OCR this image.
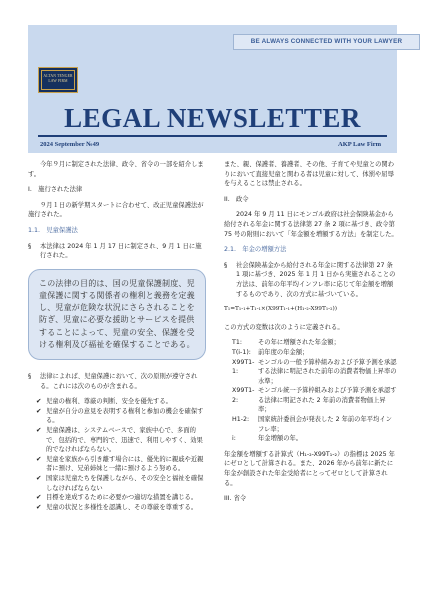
BE ALWAYS CONNECTED WITH YOUR LAWYER
ALTAN TENGER
LAW FIRM
LEGAL NEWSLETTER
2024 September №49	AKP Law Firm

今年９月に制定された法律、政令、省令の一部を紹介します。

I.　施行された法律

９月１日の新学期スタートに合わせて、改正児童保護法が施行された。

1.1.　児童保護法

§	本法律は 2024 年 1 月 17 日に制定され、9 月 1 日に施行された。
この法律の目的は、国の児童保護制度、児童保護に関する関係者の権利と義務を定義し、児童が危険な状況にさらされることを防ぎ、児童に必要な援助とサービスを提供することによって、児童の安全、保護を受ける権利及び福祉を確保することである。
§	法律によれば、児童保護において、次の原則が遵守される。これには次のものが含まれる。
✔ 児童の権利、尊厳の判断、安全を優先する。
✔ 児童が自分の意見を表明する権利と参加の機会を確保する。
✔ 児童保護は、システムベースで、家族中心で、多面的で、包括的で、専門的で、迅速で、利用しやすく、効果的でなければならない。
✔ 児童を家族から引き離す場合には、優先的に親戚や近親者に預け、兄弟姉妹と一緒に預けるよう努める。
✔ 国家は児童たちを保護しながら、その安全と福祉を確保しなければならない
✔ 目標を達成するために必要かつ適切な措置を講じる。
✔ 児童の状況と多様性を認識し、その尊厳を尊重する。

また、親、保護者、養護者、その他、子育てや児童との関わりにおいて直接児童と関わる者は児童に対して、体罰や屈辱を与えることは禁止される。

II.　政令

2024 年 9 月 11 日にモンゴル政府は社会保険基金から給付される年金に関する法律第 27 条 2 項に基づき、政令第 75 号の附則において「年金額を増額する方法」を制定した。

2.1.　年金の増額方法

§	社会保険基金から給付される年金に関する法律第 27 条 1 項に基づき、2025 年 1 月 1 日から実施されることの方法は、前年の年平均インフレ率に応じて年金額を増額するものであり、次の方式に基づいている。
T₁=T₁-₁+T₁-₁×(X99T₁-₁+(H₁-₂-X99T₁-₂))

この方式の変数は次のように定義される。

T1:	その年に増額された年金額；
T(i-1):	前年度の年金額；
X99T1-1:
モンゴルの一般予算枠組みおよび予算予測を承認する法律に明記された前年の消費者物価上昇率の水準；
X99T1-2:
モンゴル統一予算枠組みおよび予算予測を承認する法律に明記された 2 年前の消費者物価上昇率；
H1-2:	国家統計委員会が発表した 2 年前の年平均インフレ率；
i:	年金増額の年。

年金額を増額する計算式（H₁-₂-X99T₁-₂）の指標は 2025 年にゼロとして計算される。また、2026 年から前年に新たに年金が創設された年金受給者にとってゼロとして計算される。

III. 省令
